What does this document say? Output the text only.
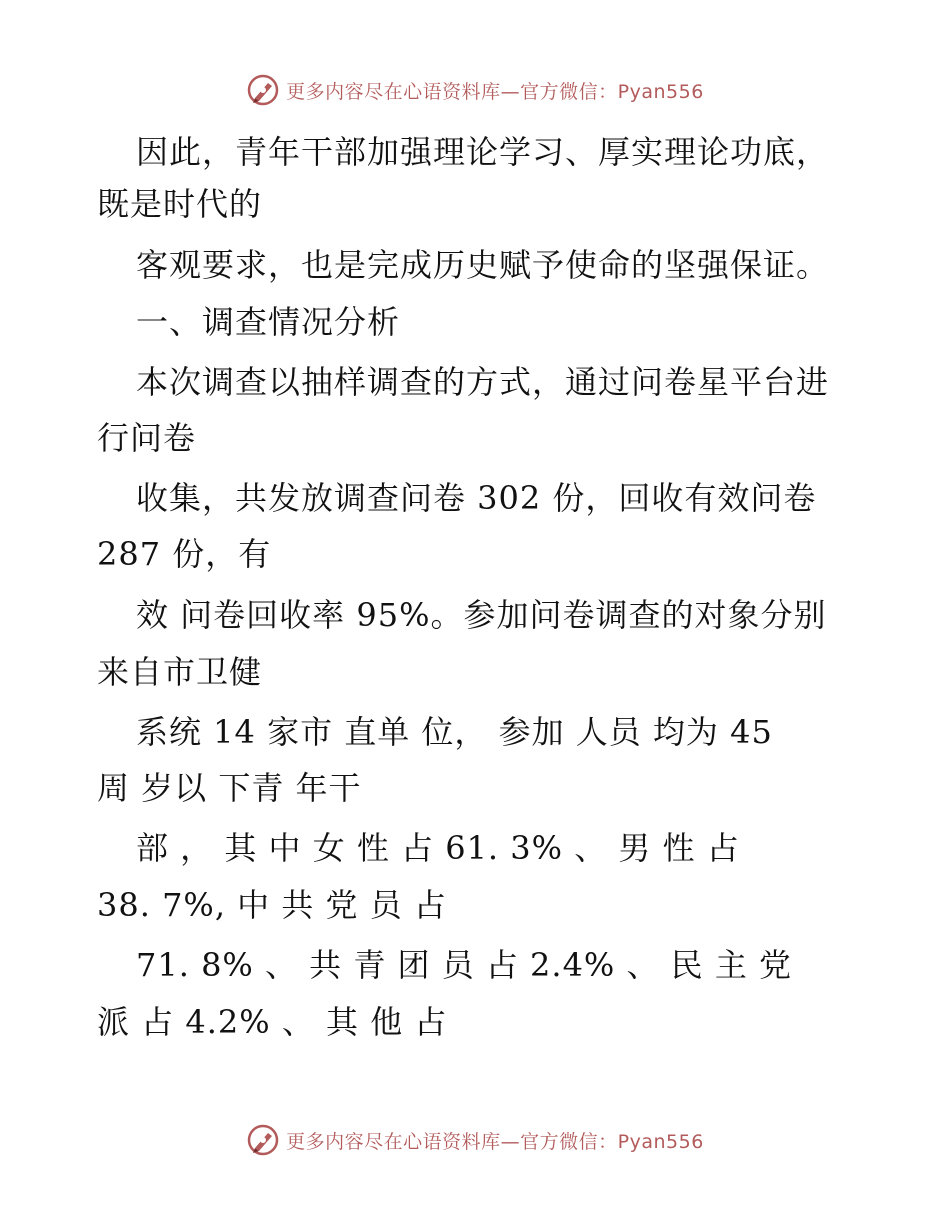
更多内容尽在心语资料库—官方微信：Pyan556
因此，青年干部加强理论学习、厚实理论功底，
既是时代的
客观要求，也是完成历史赋予使命的坚强保证。
一、调查情况分析
本次调查以抽样调查的方式，通过问卷星平台进
行问卷
收集，共发放调查问卷 302 份，回收有效问卷
287 份，有
效 问卷回收率 95%。参加问卷调查的对象分别
来自市卫健
系统 14 家市 直单 位， 参加 人员 均为 45
周 岁以 下青 年干
部 ， 其 中 女 性 占 61. 3% 、 男 性 占
38. 7%, 中 共 党 员 占
71. 8% 、 共 青 团 员 占 2.4% 、 民 主 党
派 占 4.2% 、 其 他 占
更多内容尽在心语资料库—官方微信：Pyan556
